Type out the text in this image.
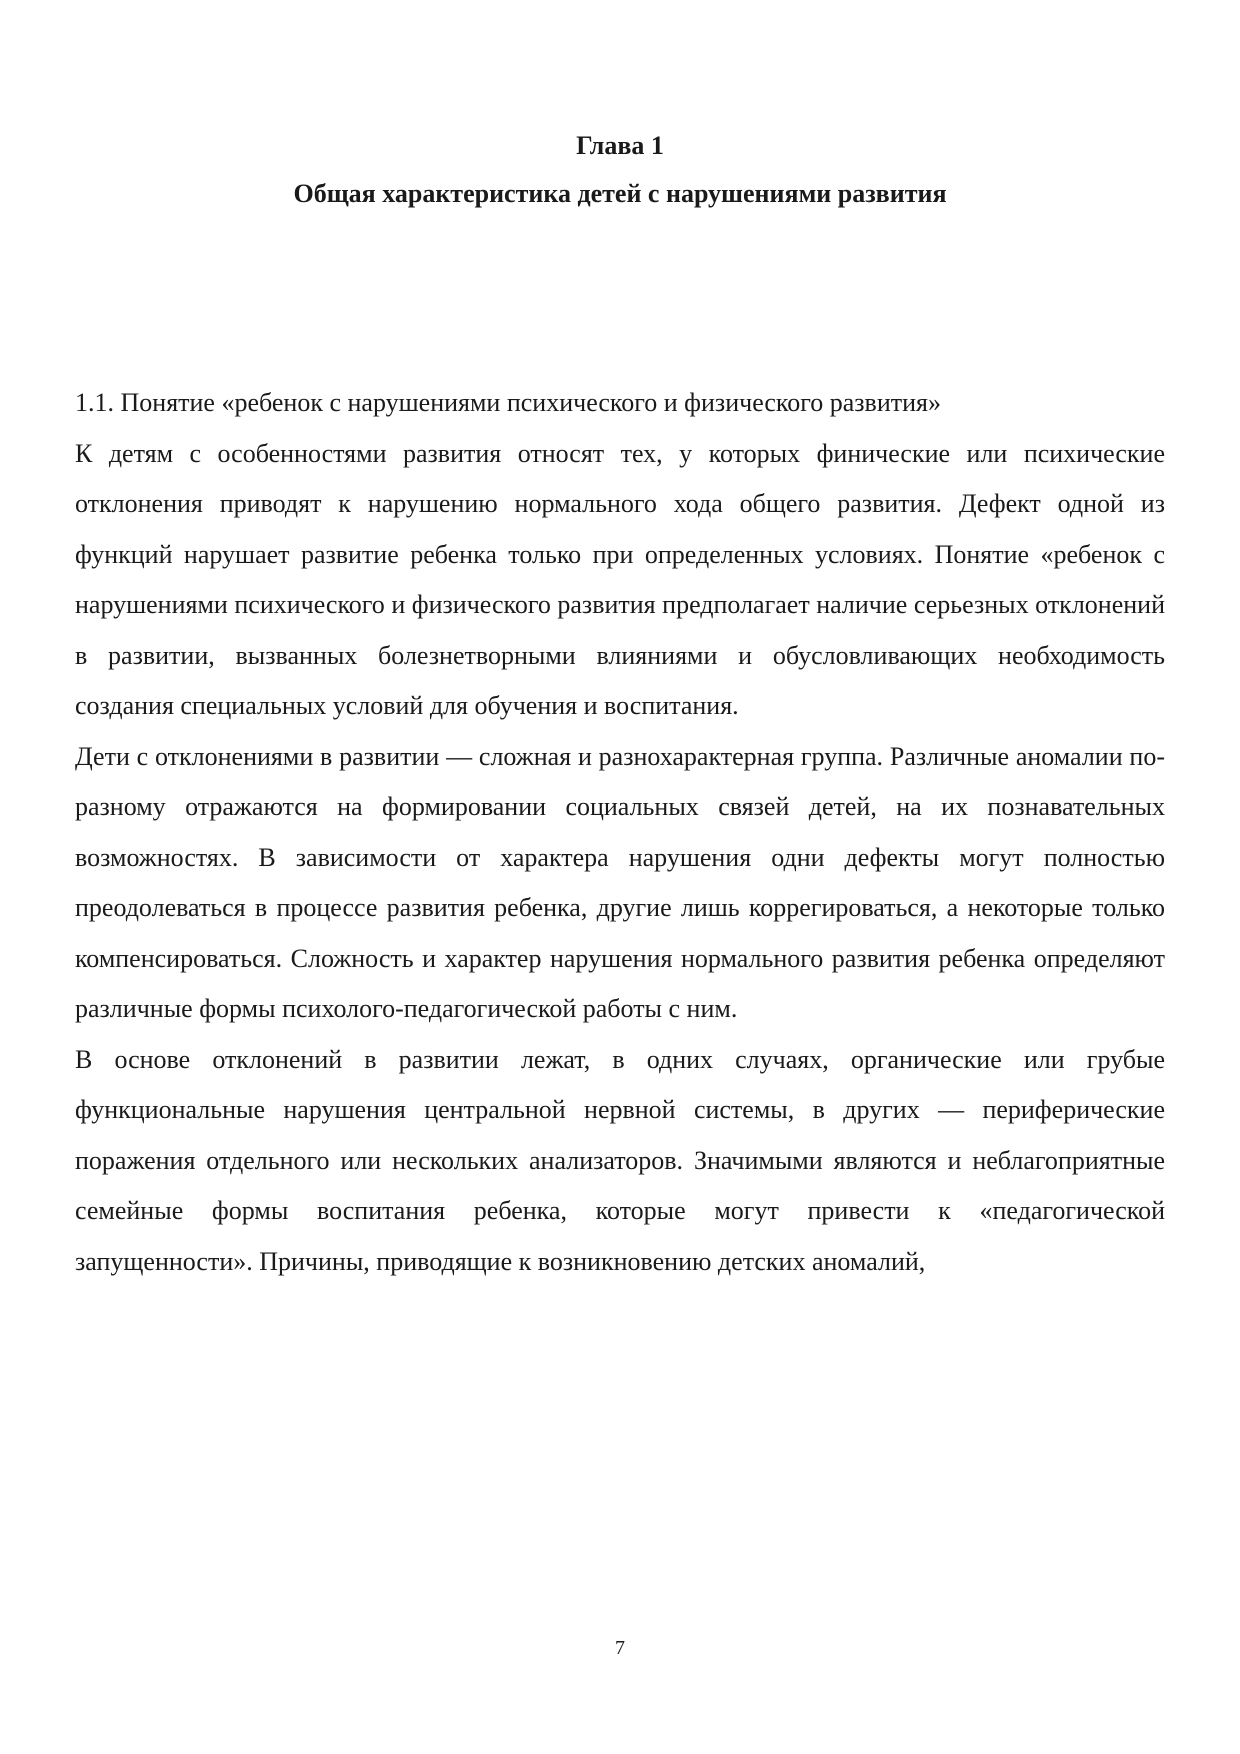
Глава 1
Общая характеристика детей с нарушениями развития

1.1. Понятие «ребенок с нарушениями психического и физического развития»

К детям с особенностями развития относят тех, у которых финические или психические отклонения приводят к нарушению нормального хода общего развития. Дефект одной из функций нарушает развитие ребенка только при определенных условиях. Понятие «ребенок с нарушениями психического и физического развития предполагает наличие серьезных отклонений в развитии, вызванных болезнетворными влияниями и обусловливающих необходимость создания специальных условий для обучения и воспитания.

Дети с отклонениями в развитии — сложная и разнохарактерная группа. Различные аномалии по-разному отражаются на формировании социальных связей детей, на их познавательных возможностях. В зависимости от характера нарушения одни дефекты могут полностью преодолеваться в процессе развития ребенка, другие лишь коррегироваться, а некоторые только компенсироваться. Сложность и характер нарушения нормального развития ребенка определяют различные формы психолого-педагогической работы с ним.

В основе отклонений в развитии лежат, в одних случаях, органические или грубые функциональные нарушения центральной нервной системы, в других — периферические поражения отдельного или нескольких анализаторов. Значимыми являются и неблагоприятные семейные формы воспитания ребенка, которые могут привести к «педагогической запущенности». Причины, приводящие к возникновению детских аномалий,

7
